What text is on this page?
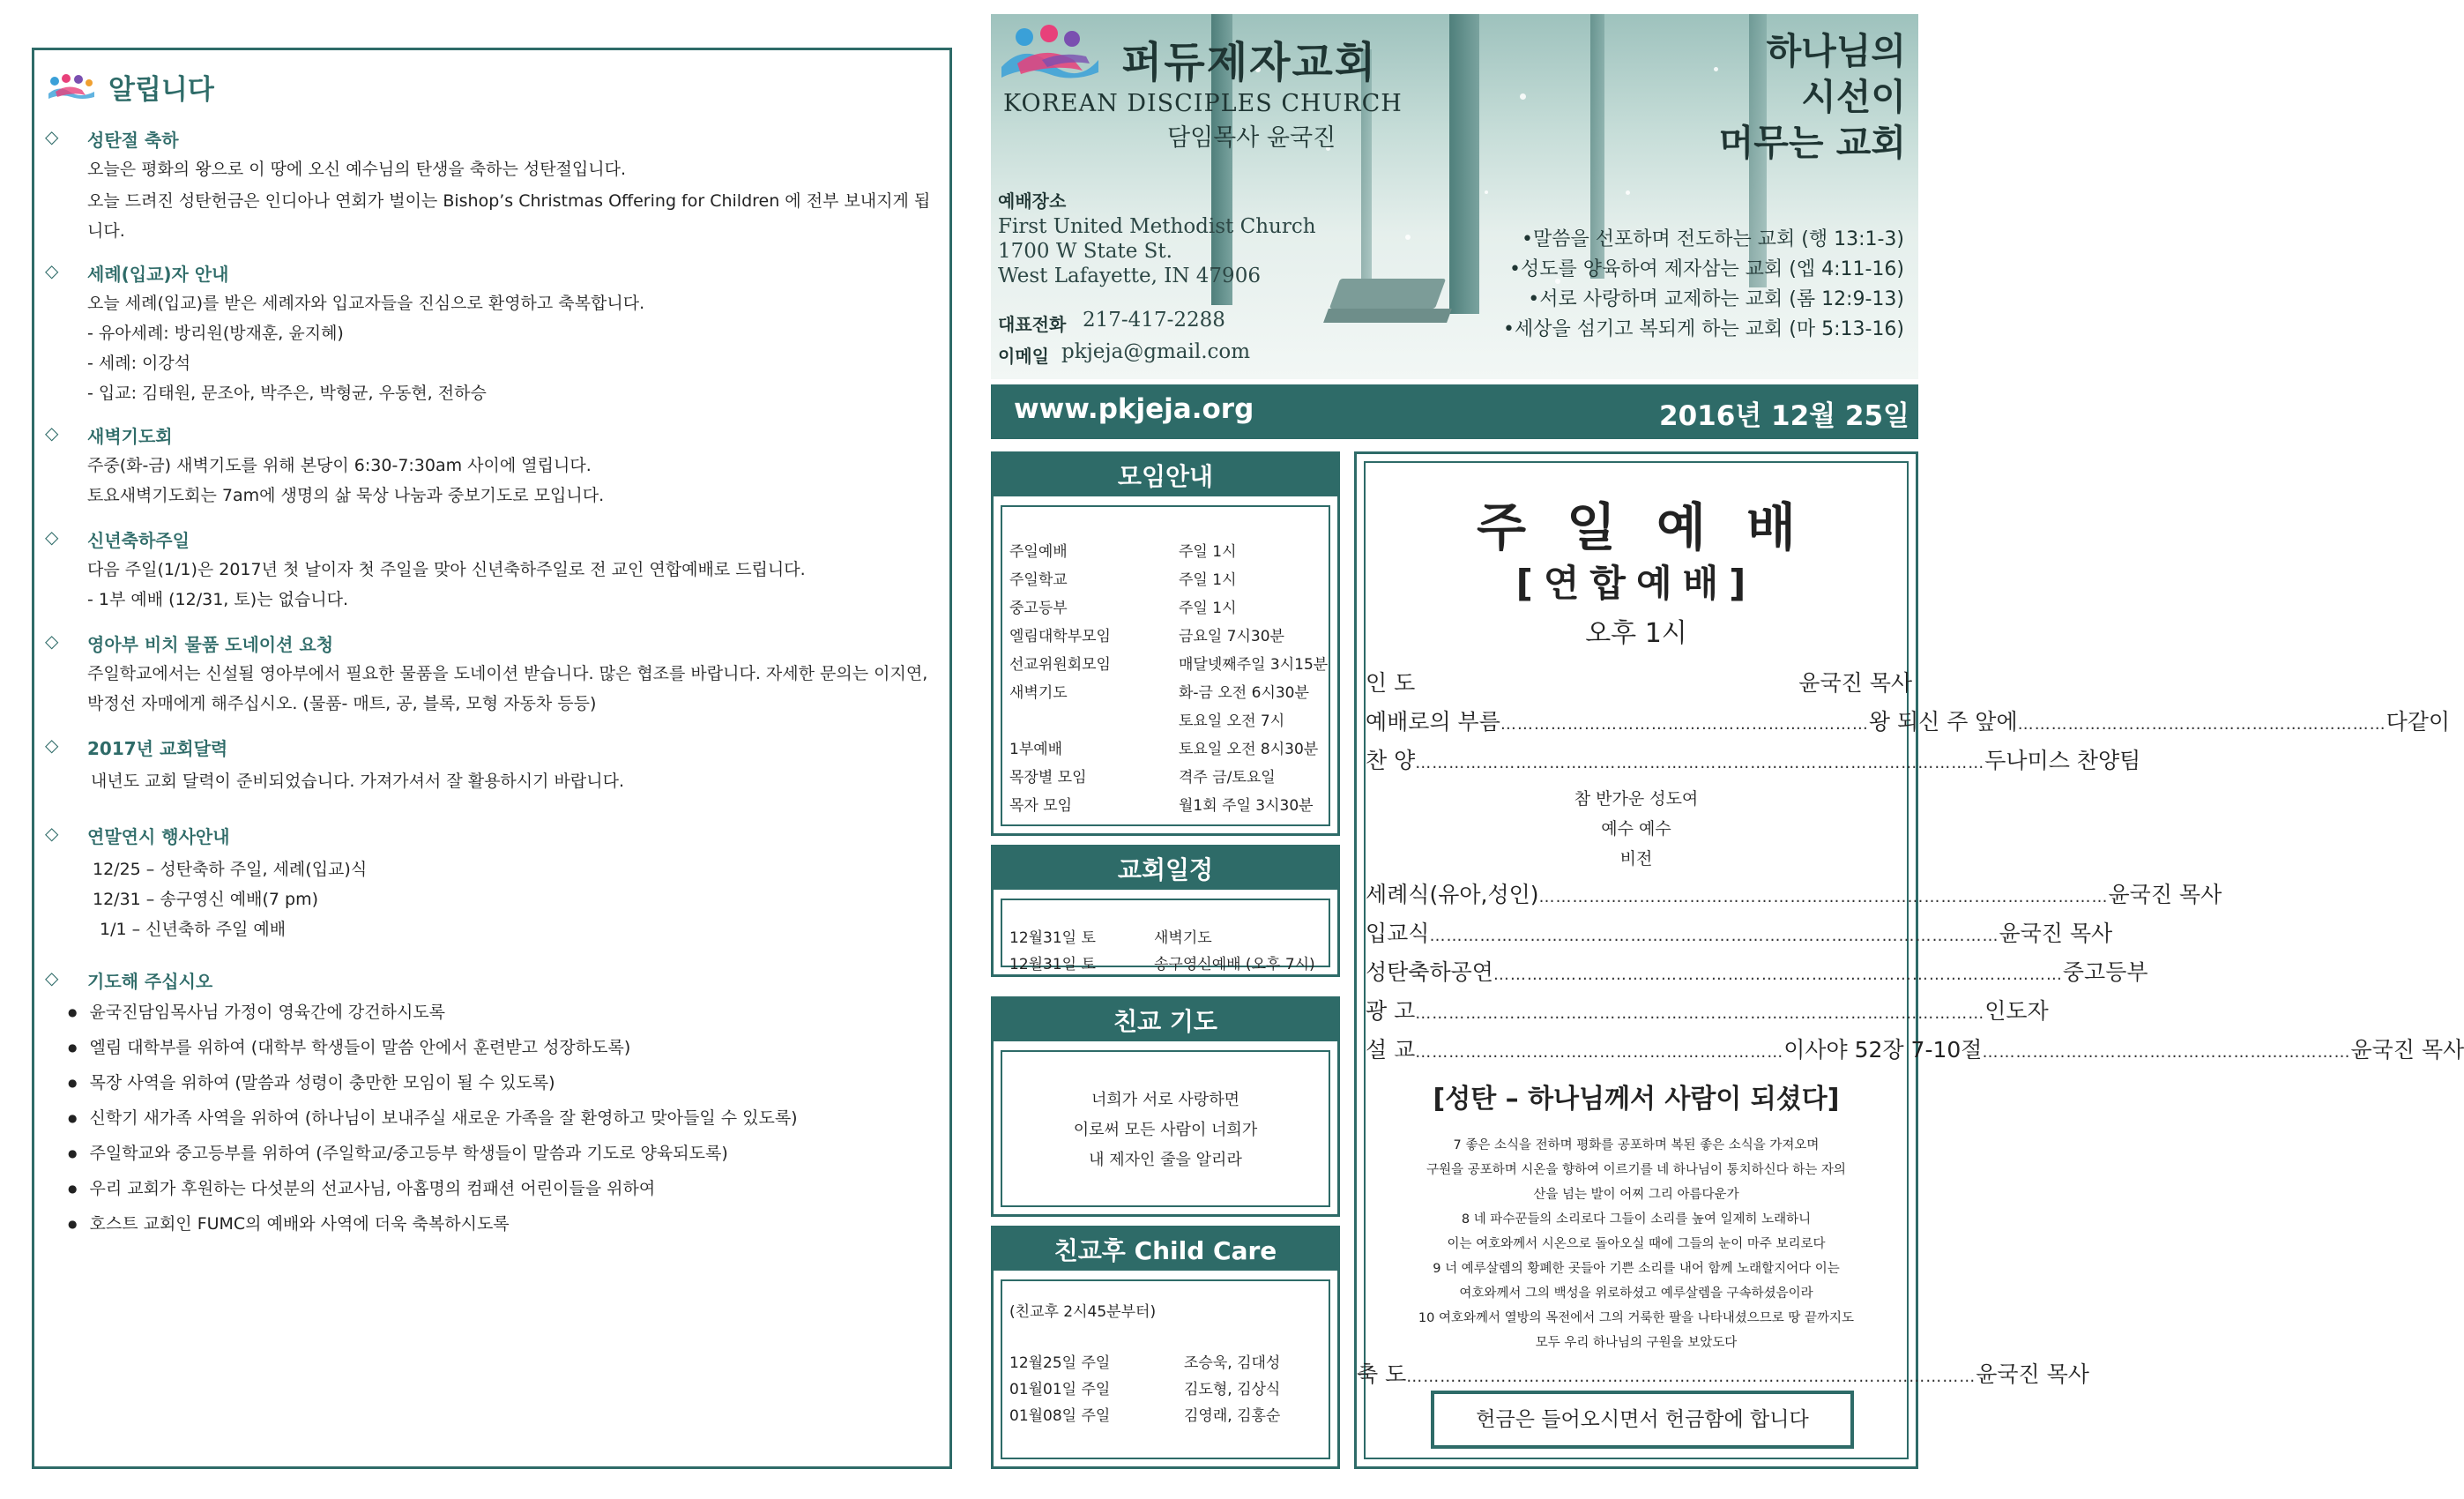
알립니다
◇ 성탄절 축하
오늘은 평화의 왕으로 이 땅에 오신 예수님의 탄생을 축하는 성탄절입니다.
오늘 드려진 성탄헌금은 인디아나 연회가 벌이는 Bishop’s Christmas Offering for Children 에 전부 보내지게 됩니다.
◇ 세례(입교)자 안내
오늘 세례(입교)를 받은 세례자와 입교자들을 진심으로 환영하고 축복합니다.
- 유아세례: 방리원(방재훈, 윤지혜)
- 세례: 이강석
- 입교: 김태원, 문조아, 박주은, 박형균, 우동현, 전하승
◇ 새벽기도회
주중(화-금) 새벽기도를 위해 본당이 6:30-7:30am 사이에 열립니다.
토요새벽기도회는 7am에 생명의 삶 묵상 나눔과 중보기도로 모입니다.
◇ 신년축하주일
다음 주일(1/1)은 2017년 첫 날이자 첫 주일을 맞아 신년축하주일로 전 교인 연합예배로 드립니다.
- 1부 예배 (12/31, 토)는 없습니다.
◇ 영아부 비치 물품 도네이션 요청
주일학교에서는 신설될 영아부에서 필요한 물품을 도네이션 받습니다. 많은 협조를 바랍니다. 자세한 문의는 이지연,
박정선 자매에게 해주십시오. (물품- 매트, 공, 블록, 모형 자동차 등등)
◇ 2017년 교회달력
내년도 교회 달력이 준비되었습니다. 가져가셔서 잘 활용하시기 바랍니다.
◇ 연말연시 행사안내
12/25 – 성탄축하 주일, 세례(입교)식
12/31 – 송구영신 예배(7 pm)
1/1 – 신년축하 주일 예배
◇ 기도해 주십시오
● 윤국진담임목사님 가정이 영육간에 강건하시도록
● 엘림 대학부를 위하여 (대학부 학생들이 말씀 안에서 훈련받고 성장하도록)
● 목장 사역을 위하여 (말씀과 성령이 충만한 모임이 될 수 있도록)
● 신학기 새가족 사역을 위하여 (하나님이 보내주실 새로운 가족을 잘 환영하고 맞아들일 수 있도록)
● 주일학교와 중고등부를 위하여 (주일학교/중고등부 학생들이 말씀과 기도로 양육되도록)
● 우리 교회가 후원하는 다섯분의 선교사님, 아홉명의 컴패션 어린이들을 위하여
● 호스트 교회인 FUMC의 예배와 사역에 더욱 축복하시도록
퍼듀제자교회
KOREAN DISCIPLES CHURCH
담임목사 윤국진
하나님의
시선이
머무는 교회
예배장소
First United Methodist Church
1700 W State St.
West Lafayette, IN 47906
대표전화 217-417-2288
이메일 pkjeja@gmail.com
•말씀을 선포하며 전도하는 교회 (행 13:1-3)
•성도를 양육하여 제자삼는 교회 (엡 4:11-16)
•서로 사랑하며 교제하는 교회 (롬 12:9-13)
•세상을 섬기고 복되게 하는 교회 (마 5:13-16)
www.pkjeja.org	2016년 12월 25일
모임안내
주일예배	주일 1시
주일학교	주일 1시
중고등부	주일 1시
엘림대학부모임	금요일 7시30분
선교위원회모임	매달넷째주일 3시15분
새벽기도	화-금 오전 6시30분
토요일 오전 7시
1부예배	토요일 오전 8시30분
목장별 모임	격주 금/토요일
목자 모임	월1회 주일 3시30분
교회일정
12월31일 토	새벽기도
12월31일 토	송구영신예배 (오후 7시)
친교 기도
너희가 서로 사랑하면
이로써 모든 사람이 너희가
내 제자인 줄을 알리라
친교후 Child Care
(친교후 2시45분부터)
12월25일 주일	조승욱, 김대성
01월01일 주일	김도형, 김상식
01월08일 주일	김영래, 김홍순
주일예배
[연합예배]
오후 1시
인 도	윤국진 목사
예배로의 부름 ………………………………………………………… 왕 되신 주 앞에 ………………………………………………………… 다같이
찬 양 ………………………………………………………………………………………… 두나미스 찬양팀
참 반가운 성도여
예수 예수
비전
세례식(유아,성인) ………………………………………………………………………………………… 윤국진 목사
입교식 ………………………………………………………………………………………… 윤국진 목사
성탄축하공연 ………………………………………………………………………………………… 중고등부
광 고 ………………………………………………………………………………………… 인도자
설 교 ………………………………………………………… 이사야 52장 7-10절 ………………………………………………………… 윤국진 목사
[성탄 – 하나님께서 사람이 되셨다]
7 좋은 소식을 전하며 평화를 공포하며 복된 좋은 소식을 가져오며
구원을 공포하며 시온을 향하여 이르기를 네 하나님이 통치하신다 하는 자의
산을 넘는 발이 어찌 그리 아름다운가
8 네 파수꾼들의 소리로다 그들이 소리를 높여 일제히 노래하니
이는 여호와께서 시온으로 돌아오실 때에 그들의 눈이 마주 보리로다
9 너 예루살렘의 황폐한 곳들아 기쁜 소리를 내어 함께 노래할지어다 이는
여호와께서 그의 백성을 위로하셨고 예루살렘을 구속하셨음이라
10 여호와께서 열방의 목전에서 그의 거룩한 팔을 나타내셨으므로 땅 끝까지도
모두 우리 하나님의 구원을 보았도다
축 도 ………………………………………………………………………………………… 윤국진 목사
헌금은 들어오시면서 헌금함에 합니다
